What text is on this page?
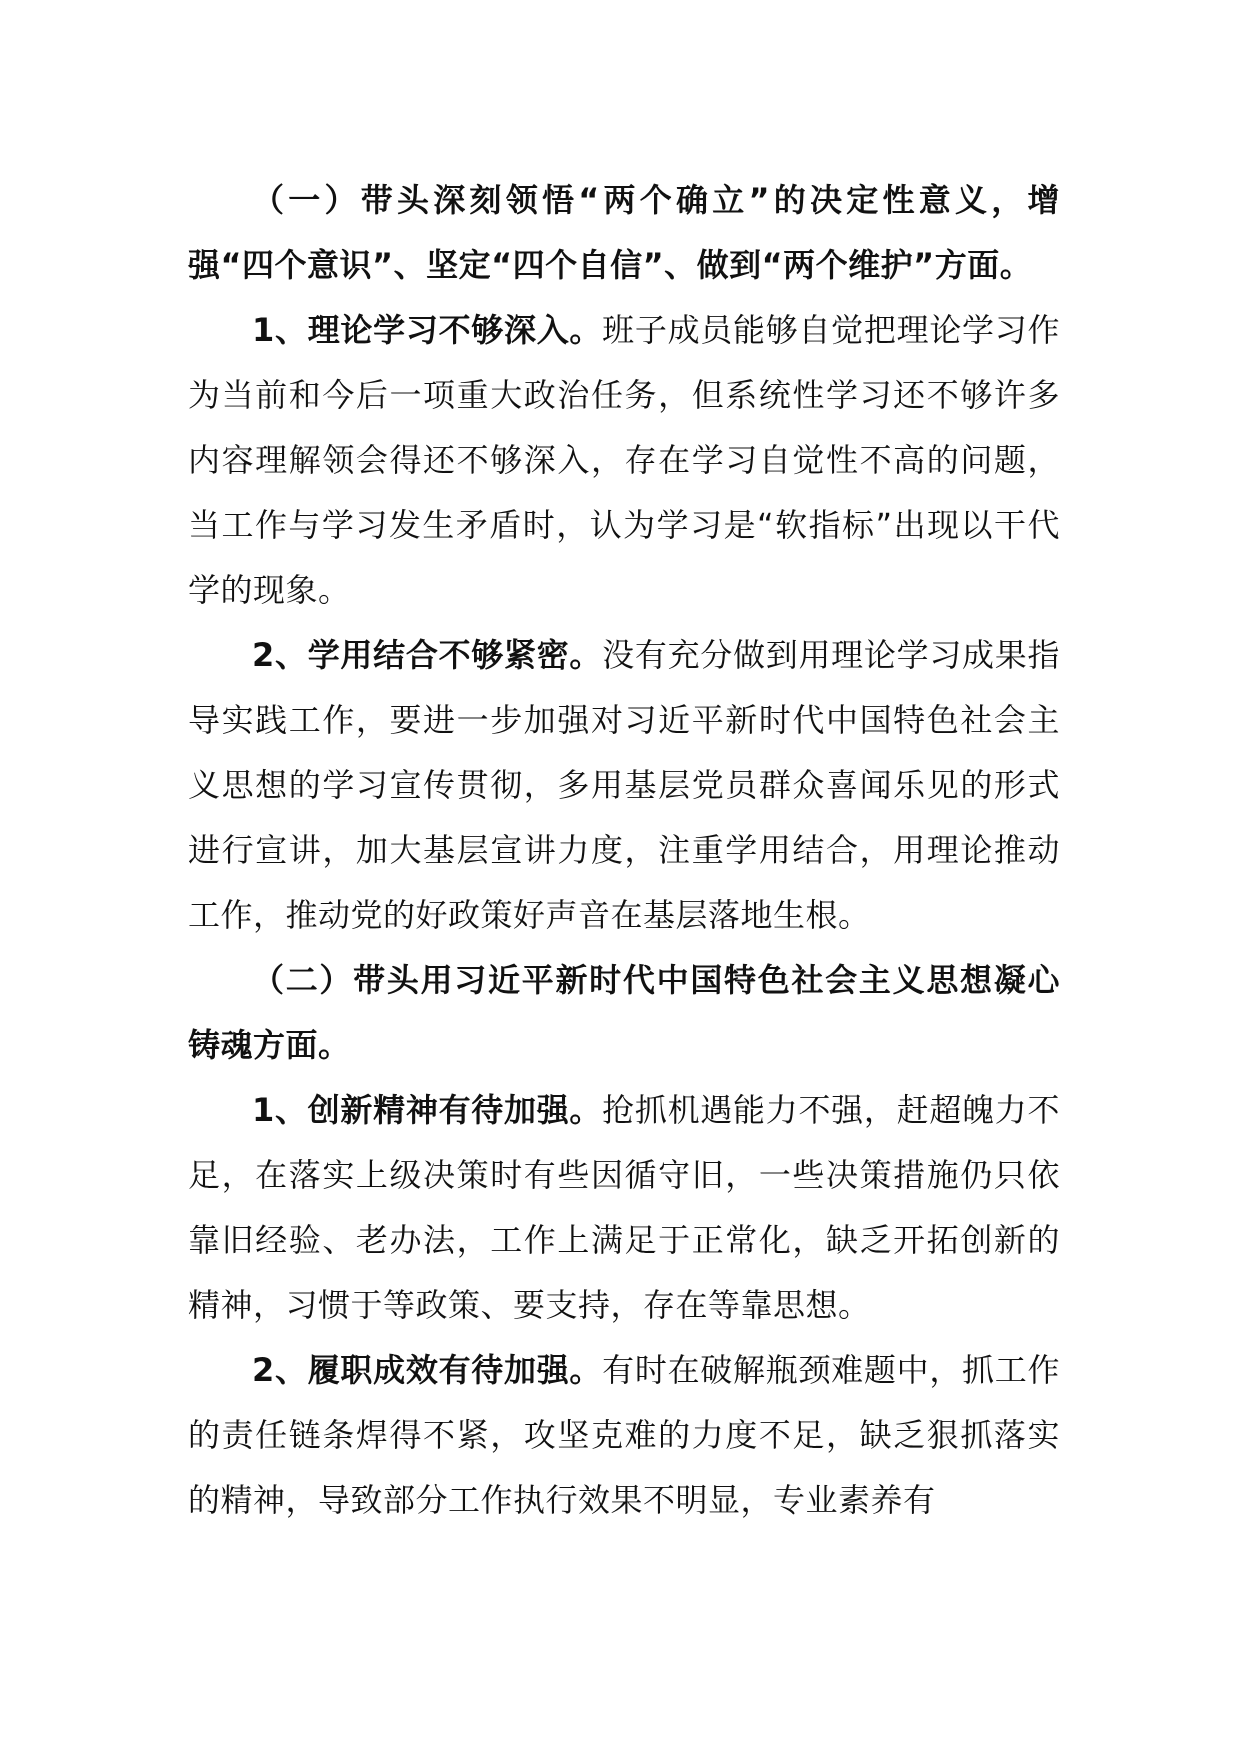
（一）带头深刻领悟“两个确立”的决定性意义，增强“四个意识”、坚定“四个自信”、做到“两个维护”方面。

1、理论学习不够深入。班子成员能够自觉把理论学习作为当前和今后一项重大政治任务，但系统性学习还不够许多内容理解领会得还不够深入，存在学习自觉性不高的问题，当工作与学习发生矛盾时，认为学习是“软指标”出现以干代学的现象。

2、学用结合不够紧密。没有充分做到用理论学习成果指导实践工作，要进一步加强对习近平新时代中国特色社会主义思想的学习宣传贯彻，多用基层党员群众喜闻乐见的形式进行宣讲，加大基层宣讲力度，注重学用结合，用理论推动工作，推动党的好政策好声音在基层落地生根。

（二）带头用习近平新时代中国特色社会主义思想凝心铸魂方面。

1、创新精神有待加强。抢抓机遇能力不强，赶超魄力不足，在落实上级决策时有些因循守旧，一些决策措施仍只依靠旧经验、老办法，工作上满足于正常化，缺乏开拓创新的精神，习惯于等政策、要支持，存在等靠思想。

2、履职成效有待加强。有时在破解瓶颈难题中，抓工作的责任链条焊得不紧，攻坚克难的力度不足，缺乏狠抓落实的精神，导致部分工作执行效果不明显，专业素养有
